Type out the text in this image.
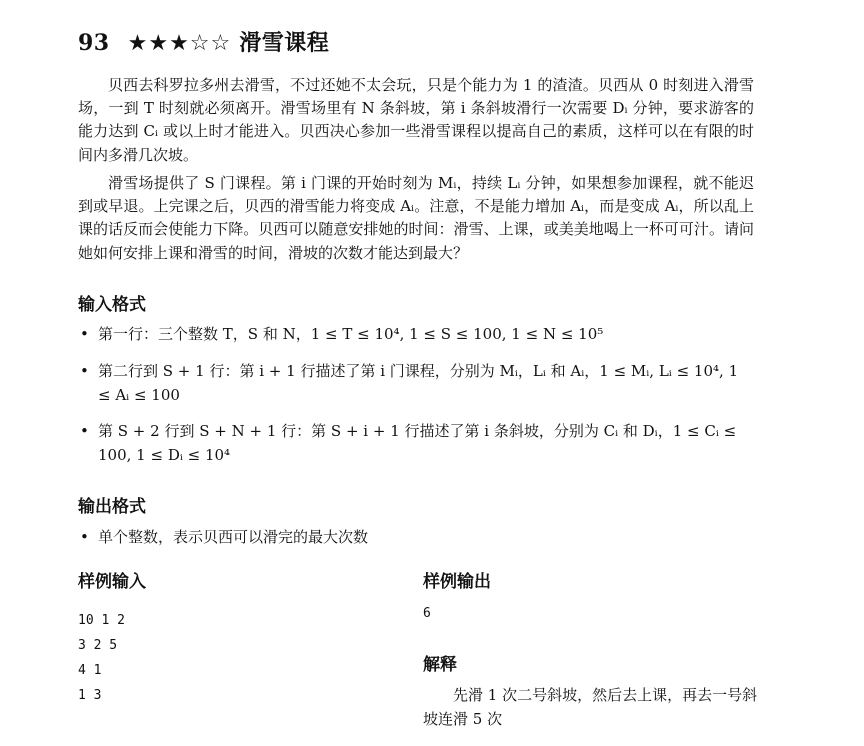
93 ★★★☆☆ 滑雪课程
贝西去科罗拉多州去滑雪，不过还她不太会玩，只是个能力为 1 的渣渣。贝西从 0 时刻进入滑雪场，一到 T 时刻就必须离开。滑雪场里有 N 条斜坡，第 i 条斜坡滑行一次需要 Dᵢ 分钟，要求游客的能力达到 Cᵢ 或以上时才能进入。贝西决心参加一些滑雪课程以提高自己的素质，这样可以在有限的时间内多滑几次坡。
滑雪场提供了 S 门课程。第 i 门课的开始时刻为 Mᵢ，持续 Lᵢ 分钟，如果想参加课程，就不能迟到或早退。上完课之后，贝西的滑雪能力将变成 Aᵢ。注意，不是能力增加 Aᵢ，而是变成 Aᵢ，所以乱上课的话反而会使能力下降。贝西可以随意安排她的时间：滑雪、上课，或美美地喝上一杯可可汁。请问她如何安排上课和滑雪的时间，滑坡的次数才能达到最大？
输入格式
• 第一行：三个整数 T，S 和 N，1 ≤ T ≤ 10⁴, 1 ≤ S ≤ 100, 1 ≤ N ≤ 10⁵
• 第二行到 S + 1 行：第 i + 1 行描述了第 i 门课程，分别为 Mᵢ，Lᵢ 和 Aᵢ，1 ≤ Mᵢ, Lᵢ ≤ 10⁴, 1 ≤ Aᵢ ≤ 100
• 第 S + 2 行到 S + N + 1 行：第 S + i + 1 行描述了第 i 条斜坡，分别为 Cᵢ 和 Dᵢ，1 ≤ Cᵢ ≤ 100, 1 ≤ Dᵢ ≤ 10⁴
输出格式
• 单个整数，表示贝西可以滑完的最大次数
样例输入	样例输出
10 1 2
3 2 5
4 1
1 3
6
解释
先滑 1 次二号斜坡，然后去上课，再去一号斜坡连滑 5 次
